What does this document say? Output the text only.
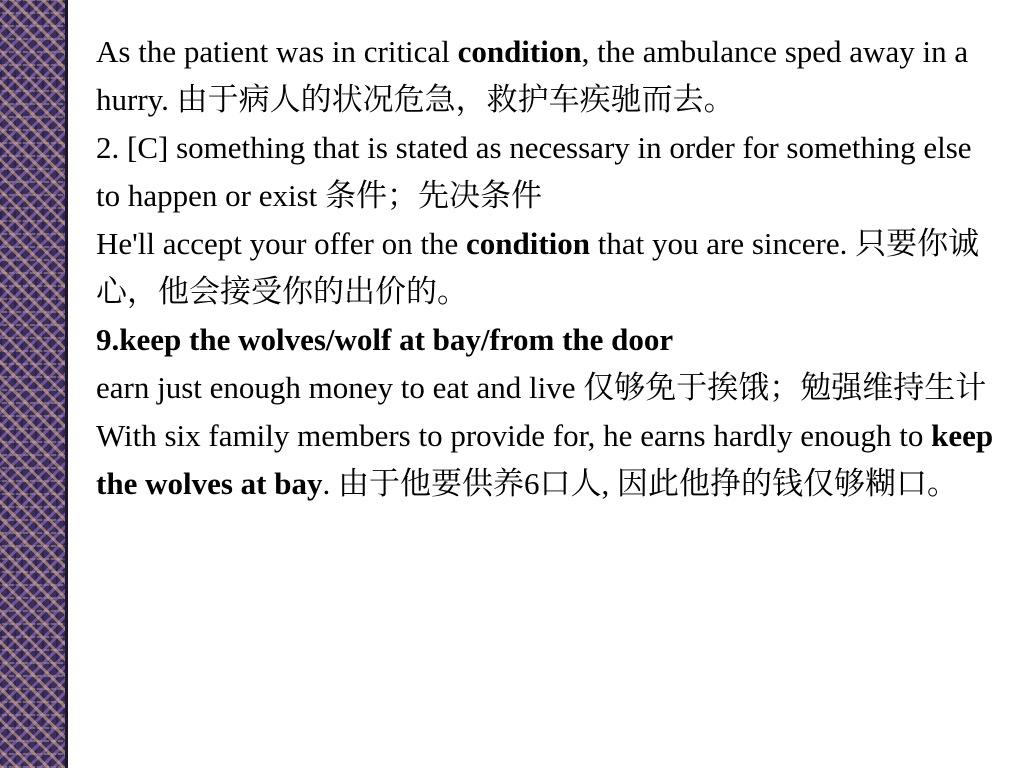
As the patient was in critical condition, the ambulance sped away in a hurry. 由于病人的状况危急，救护车疾驰而去。

2. [C] something that is stated as necessary in order for something else to happen or exist 条件；先决条件

He'll accept your offer on the condition that you are sincere. 只要你诚心，他会接受你的出价的。

9.keep the wolves/wolf at bay/from the door

earn just enough money to eat and live 仅够免于挨饿；勉强维持生计

With six family members to provide for, he earns hardly enough to keep the wolves at bay. 由于他要供养6口人, 因此他挣的钱仅够糊口。
